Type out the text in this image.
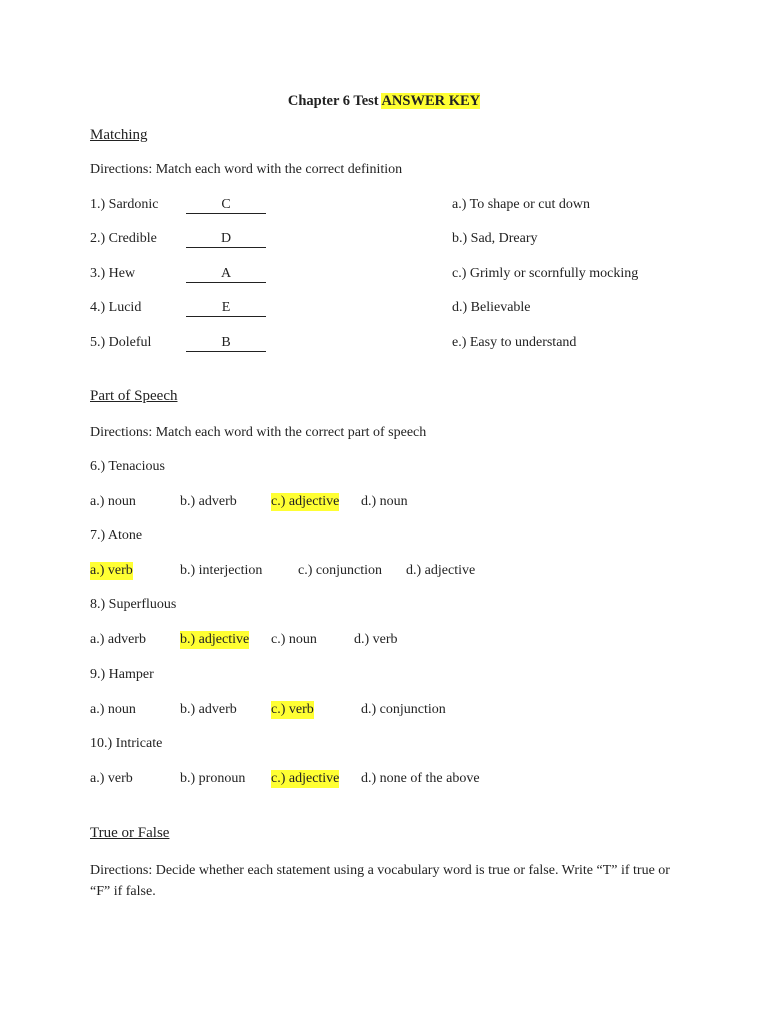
Chapter 6 Test ANSWER KEY
Matching
Directions: Match each word with the correct definition
1.) Sardonic	C	a.) To shape or cut down
2.) Credible	D	b.) Sad, Dreary
3.) Hew	A	c.) Grimly or scornfully mocking
4.) Lucid	E	d.) Believable
5.) Doleful	B	e.) Easy to understand
Part of Speech
Directions: Match each word with the correct part of speech
6.) Tenacious
a.) noun	b.) adverb c.) adjective d.) noun
7.) Atone
a.) verb	b.) interjection	c.) conjunction d.) adjective
8.) Superfluous
a.) adverb b.) adjective c.) noun	d.) verb
9.) Hamper
a.) noun	b.) adverb c.) verb	d.) conjunction
10.) Intricate
a.) verb	b.) pronoun c.) adjective d.) none of the above
True or False
Directions: Decide whether each statement using a vocabulary word is true or false. Write “T” if true or “F” if false.
